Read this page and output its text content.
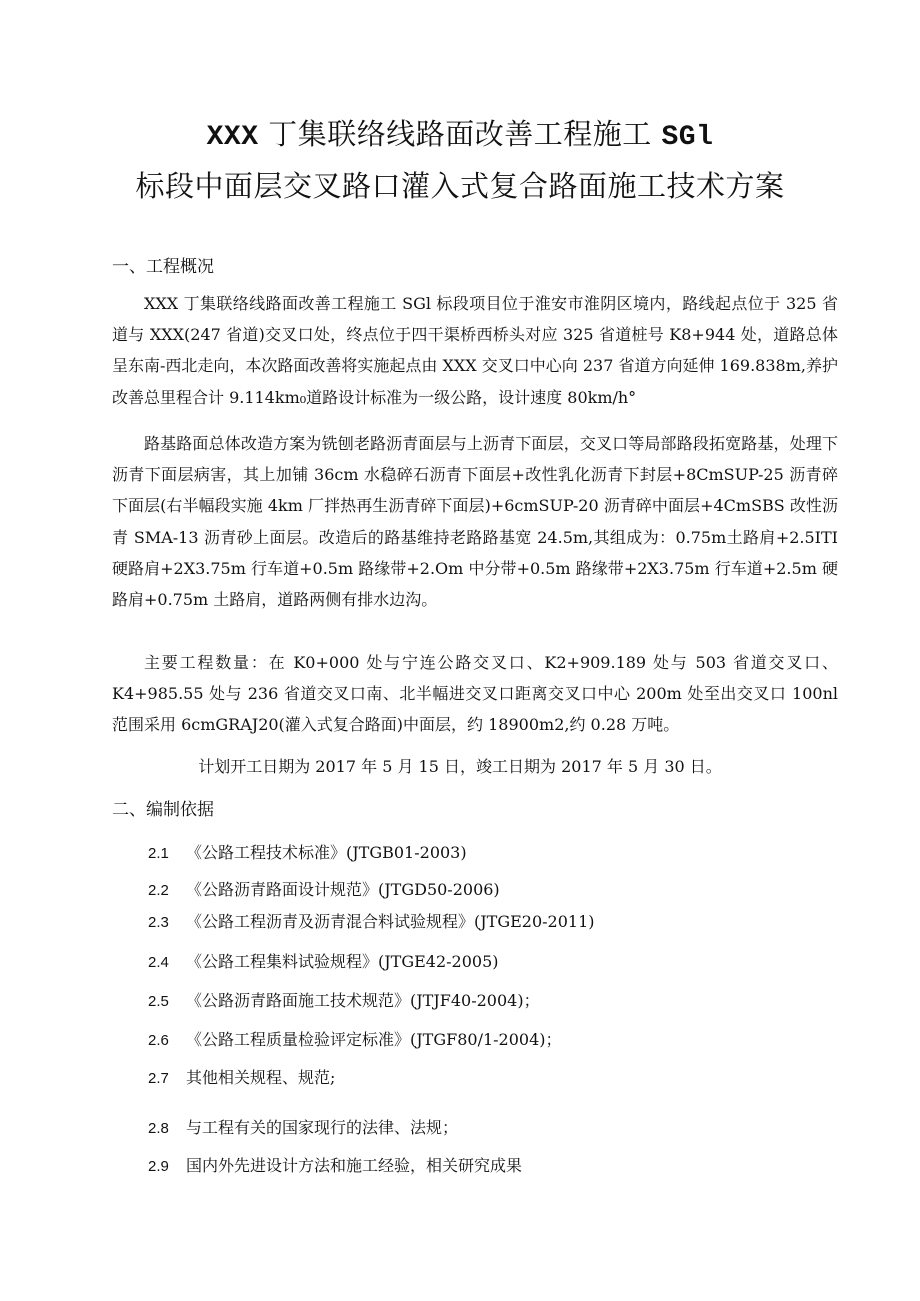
XXX 丁集联络线路面改善工程施工 SGl
标段中面层交叉路口灌入式复合路面施工技术方案
一、工程概况

XXX 丁集联络线路面改善工程施工 SGl 标段项目位于淮安市淮阴区境内，路线起点位于 325 省道与 XXX(247 省道)交叉口处，终点位于四干渠桥西桥头对应 325 省道桩号 K8+944 处，道路总体呈东南-西北走向，本次路面改善将实施起点由 XXX 交叉口中心向 237 省道方向延伸 169.838m,养护改善总里程合计 9.114km₀道路设计标准为一级公路，设计速度 80km∕h°

路基路面总体改造方案为铣刨老路沥青面层与上沥青下面层，交叉口等局部路段拓宽路基，处理下沥青下面层病害，其上加铺 36cm 水稳碎石沥青下面层+改性乳化沥青下封层+8CmSUP-25 沥青碎下面层(右半幅段实施 4km 厂拌热再生沥青碎下面层)+6cmSUP-20 沥青碎中面层+4CmSBS 改性沥青 SMA-13 沥青砂上面层。改造后的路基维持老路路基宽 24.5m,其组成为：0.75m土路肩+2.5ITI 硬路肩+2X3.75m 行车道+0.5m 路缘带+2.Om 中分带+0.5m 路缘带+2X3.75m 行车道+2.5m 硬路肩+0.75m 土路肩，道路两侧有排水边沟。

主要工程数量：在 K0+000 处与宁连公路交叉口、K2+909.189 处与 503 省道交叉口、K4+985.55 处与 236 省道交叉口南、北半幅进交叉口距离交叉口中心 200m 处至出交叉口 100nl 范围采用 6cmGRAJ20(灌入式复合路面)中面层，约 18900m2,约 0.28 万吨。

计划开工日期为 2017 年 5 月 15 日，竣工日期为 2017 年 5 月 30 日。
二、编制依据
2.1 《公路工程技术标准》(JTGB01-2003)
2.2 《公路沥青路面设计规范》(JTGD50-2006)
2.3 《公路工程沥青及沥青混合料试验规程》(JTGE20-2011)
2.4 《公路工程集料试验规程》(JTGE42-2005)
2.5 《公路沥青路面施工技术规范》(JTJF40-2004)；
2.6 《公路工程质量检验评定标准》(JTGF80/1-2004)；
2.7 其他相关规程、规范;
2.8 与工程有关的国家现行的法律、法规；
2.9 国内外先进设计方法和施工经验，相关研究成果
